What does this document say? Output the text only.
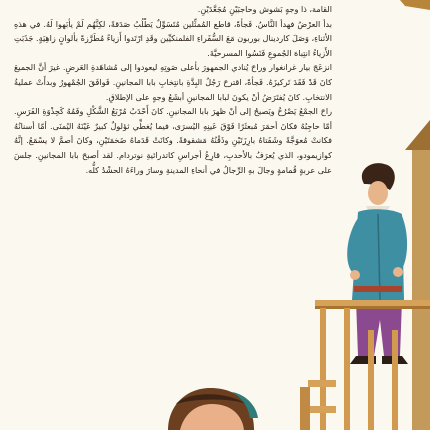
القامة، ذا وجهٍ بَشوش وحاجبَيْنِ مُجَعَّدَيْنِ.

بدأ العرْضُ فهدأ النَّاسُ. فَجأةً، قاطع المُمثِّلين مُتَسَوِّلٌ يَطْلُبُ صَدَقةً، لكِنَّهُم لَمْ يأبَهوا لَهُ. في هذهِ الأثناءِ، وَصَلَ كاردينال بوربون مَعَ السُّفَراءِ الفلمنكيِّين وقَدِ ارْتَدوا أَزياءً مُطَرَّزةً بألوانٍ زاهِيَةٍ. جَذَبَتِ الأَزياءُ انتِباهَ الجُموعِ فَنَسُوا المسرحيَّةَ.

انزعَجَ بيار غرانغوار وراحَ يُنادي الجمهورَ بأعلى صَوتِهِ ليعودوا إلى مُشاهَدةِ العَرضِ. غيرَ أنَّ الجميعَ كانَ قَدْ فَقَدَ تَركيزَهُ. فَجأةً، اقترحَ رَجُلُ البِدَّةِ بانتِخابِ بابا المجانينِ. فَوافَقَ الجُمْهورُ وبدأَتْ عمليةُ الانتخابِ. كانَ يُفتَرَضُ أنْ يكونَ لبابا المجانينِ أبشَعُ وجهٍ على الإطلاقِ.

راحَ الجمْعُ يَصْرُخُ ويَصيحُ إلى أنْ ظهرَ بابا المجانينِ. كانَ أَحْدَبُ مُرْبَعُ الشَّكْلِ وفَمُهُ كَحِذْوَةِ الفَرَسِ. أمّا حاجِبُهُ فكانَ أحمَرَ مُبعثَرًا فَوْقَ عَينِهِ اليُسرَى، فيما يُغطِّي ثؤلولٌ كبيرٌ عَيْنَهُ اليُمنَى. أمّا أسنانُهُ فكانتْ مُعوَجَّةً وشَفَتاهُ بارِزَتَيْنِ وذَقْنُهُ مَشقوقةً. وكانَتْ قَدَماهُ ضَخمَتَيْنِ، وكانَ أصمَّ لا يسْمَعُ. إنَّهُ كوازيمودو، الذي يُعرَفُ بالأحدبِ، قارِعُ أجراسِ كاتدرائيةِ نوتردام. لقد أصبحَ بابا المجانينِ. جلسَ على عربةٍ قُمامةٍ وجالَ بهِ الرِّجالُ في أنحاءِ المدينةِ وسارَ وراءَهُ الحشْدُ كلُّه.
